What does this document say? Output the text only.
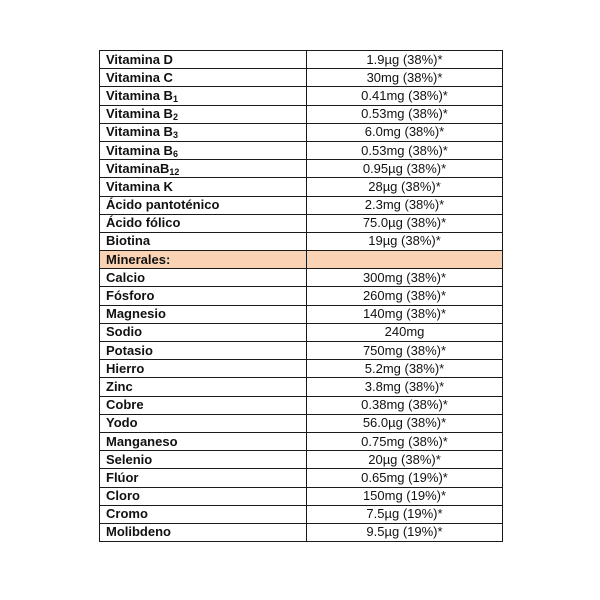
Vitamina D	1.9µg (38%)*
Vitamina C	30mg (38%)*
Vitamina $B_1$	0.41mg (38%)*
Vitamina $B_2$	0.53mg (38%)*
Vitamina $B_3$	6.0mg (38%)*
Vitamina $B_6$	0.53mg (38%)*
VitaminaB$_{12}$	0.95µg (38%)*
Vitamina K	28µg (38%)*
Ácido pantoténico	2.3mg (38%)*
Ácido fólico	75.0µg (38%)*
Biotina	19µg (38%)*
Minerales:	
Calcio	300mg (38%)*
Fósforo	260mg (38%)*
Magnesio	140mg (38%)*
Sodio	240mg
Potasio	750mg (38%)*
Hierro	5.2mg (38%)*
Zinc	3.8mg (38%)*
Cobre	0.38mg (38%)*
Yodo	56.0µg (38%)*
Manganeso	0.75mg (38%)*
Selenio	20µg (38%)*
Flúor	0.65mg (19%)*
Cloro	150mg (19%)*
Cromo	7.5µg (19%)*
Molibdeno	9.5µg (19%)*
